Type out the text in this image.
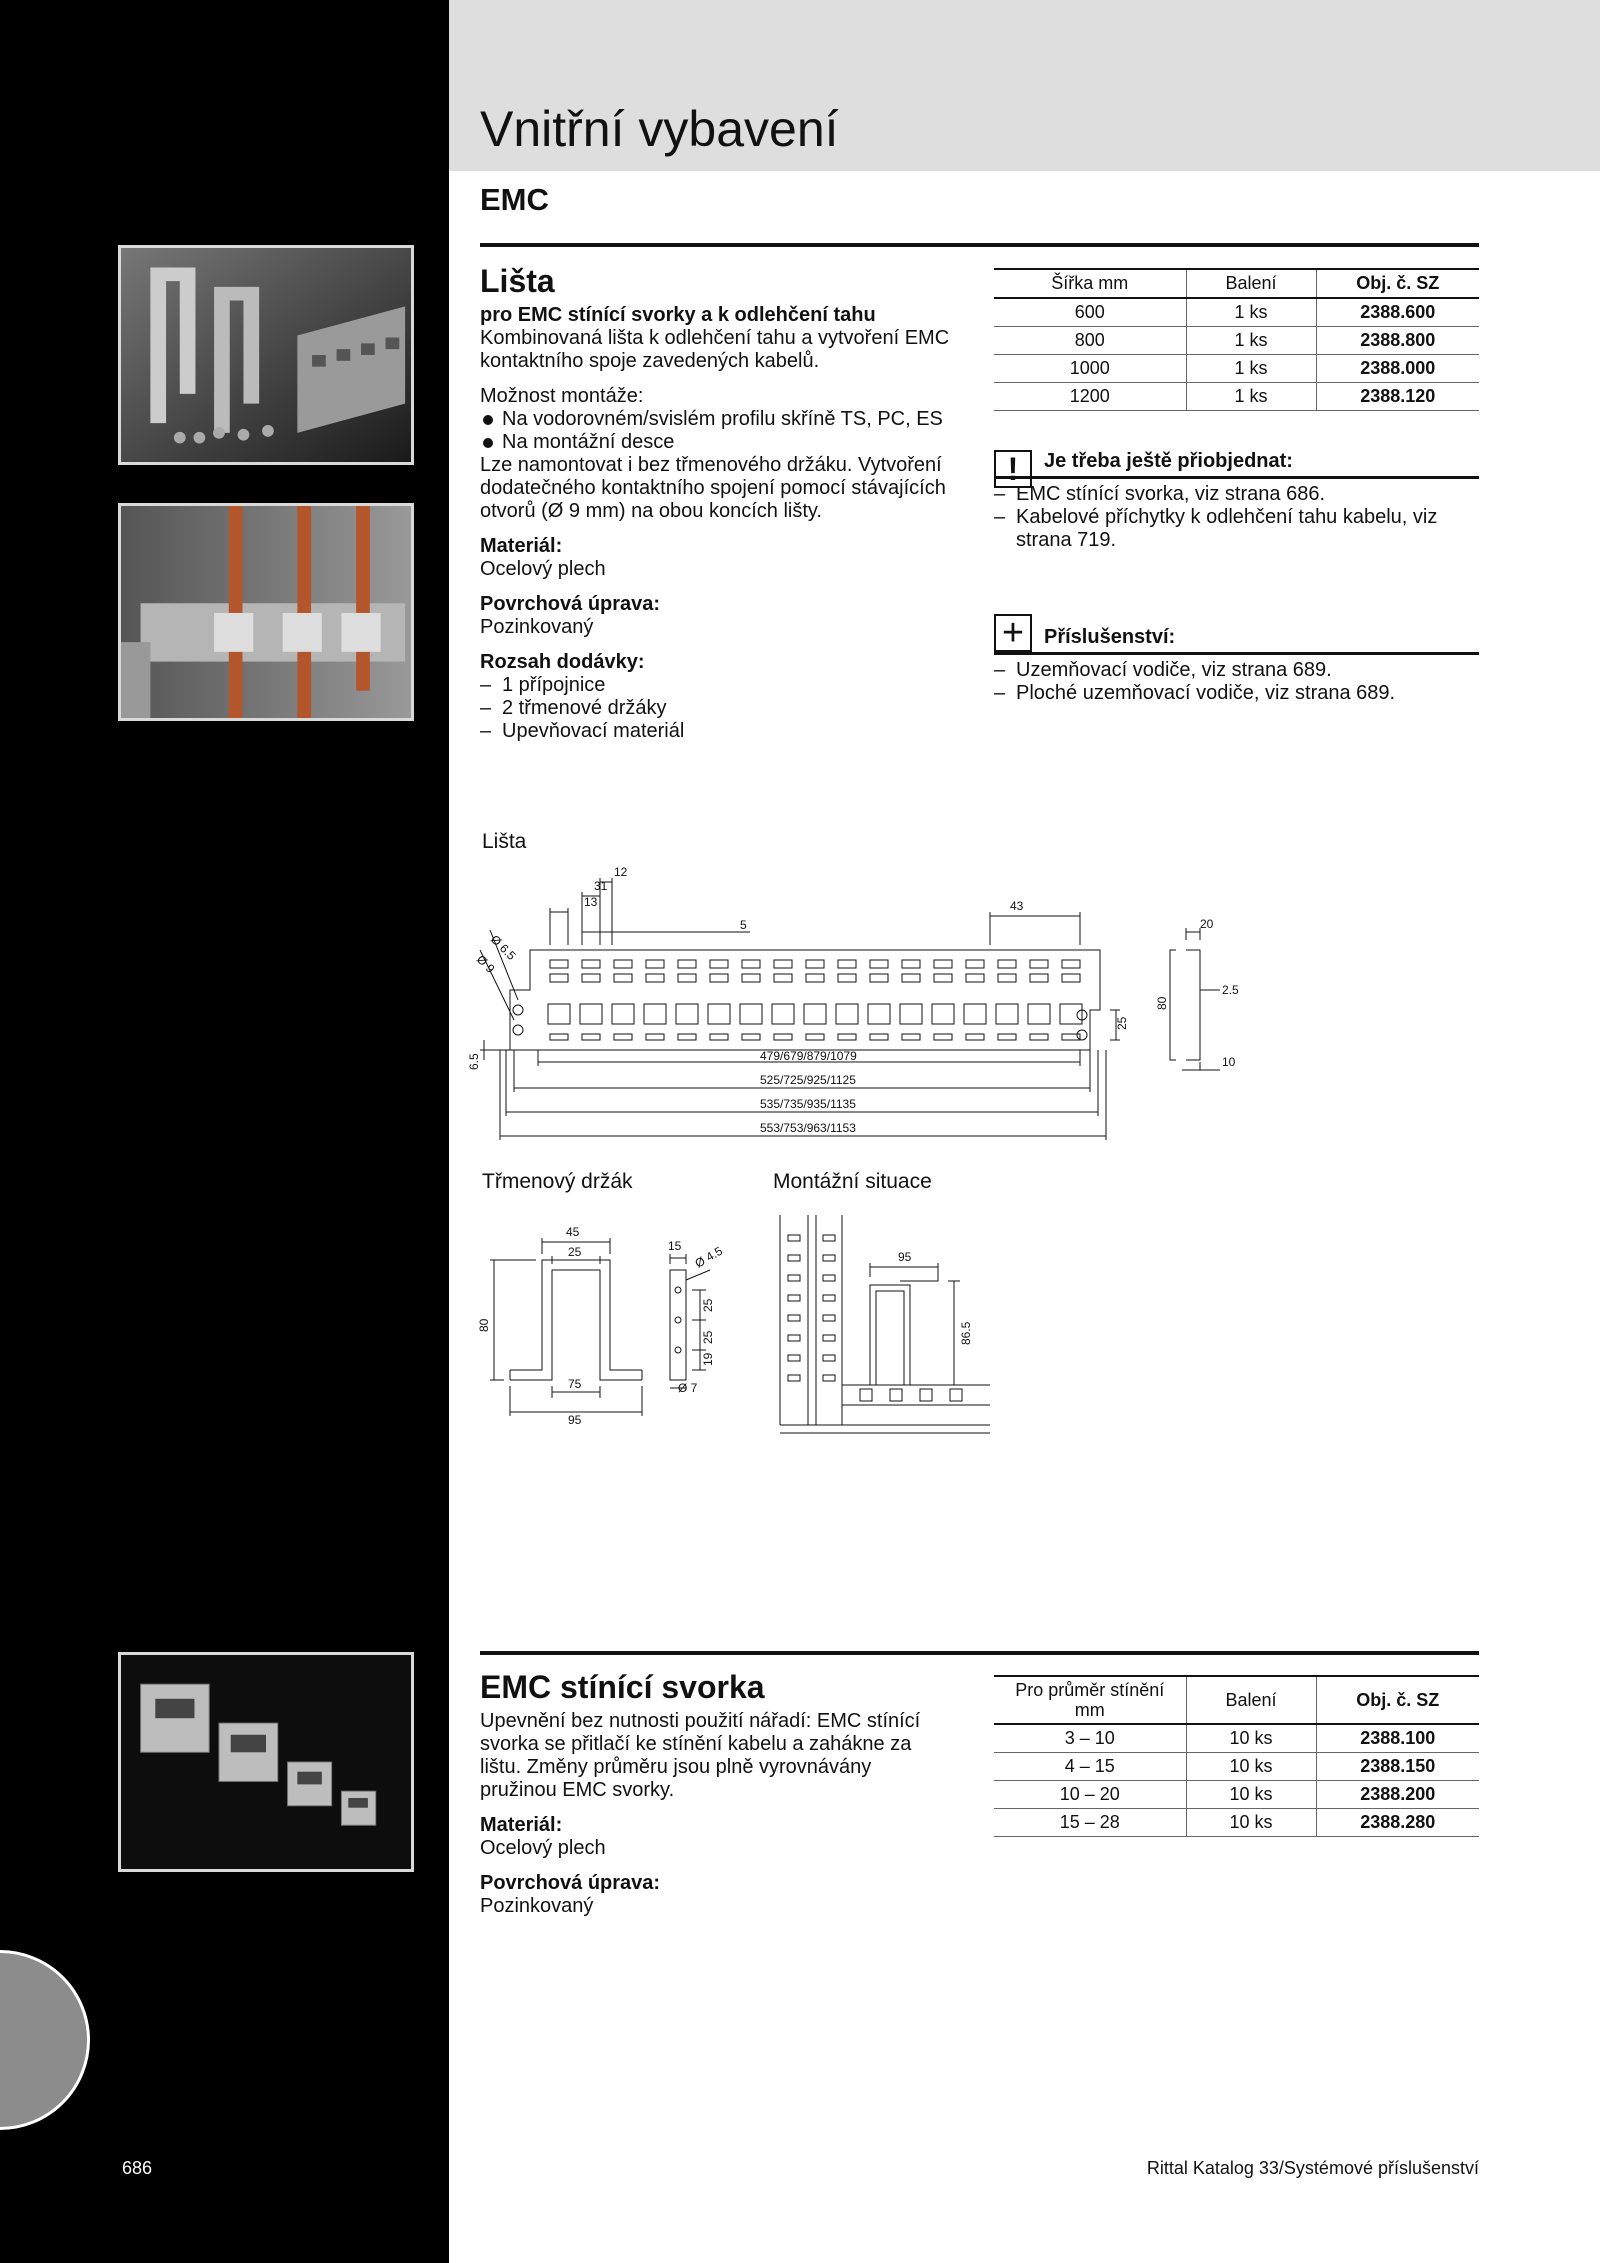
Vnitřní vybavení
EMC
Lišta
pro EMC stínící svorky a k odlehčení tahu
Kombinovaná lišta k odlehčení tahu a vytvoření EMC kontaktního spoje zavedených kabelů.
Možnost montáže:
Na vodorovném/svislém profilu skříně TS, PC, ES
Na montážní desce
Lze namontovat i bez třmenového držáku. Vytvoření dodatečného kontaktního spojení pomocí stávajících otvorů (Ø 9 mm) na obou koncích lišty.
Materiál:
Ocelový plech
Povrchová úprava:
Pozinkovaný
Rozsah dodávky:
– 1 přípojnice
– 2 třmenové držáky
– Upevňovací materiál
Šířka mm	Balení	Obj. č. SZ
600	1 ks	2388.600
800	1 ks	2388.800
1000	1 ks	2388.000
1200	1 ks	2388.120
!	Je třeba ještě přiobjednat:
– EMC stínící svorka, viz strana 686.
– Kabelové příchytky k odlehčení tahu kabelu, viz strana 719.
+ Příslušenství:
– Uzemňovací vodiče, viz strana 689.
– Ploché uzemňovací vodiče, viz strana 689.
Lišta
13
31
12
5
43
20
Ø 6.5
Ø 9
6.5
25
80
2.5
10
479/679/879/1079
525/725/925/1125
535/735/935/1135
553/753/963/1153
Třmenový držák
45
25
80
75
95
15 Ø 4.5
25
25
19
Ø 7
Montážní situace
95
86.5
EMC stínící svorka
Upevnění bez nutnosti použití nářadí: EMC stínící svorka se přitlačí ke stínění kabelu a zahákne za lištu. Změny průměru jsou plně vyrovnávány pružinou EMC svorky.
Materiál:
Ocelový plech
Povrchová úprava:
Pozinkovaný
Pro průměr stínění mm	Balení	Obj. č. SZ
3 – 10	10 ks	2388.100
4 – 15	10 ks	2388.150
10 – 20	10 ks	2388.200
15 – 28	10 ks	2388.280
686	Rittal Katalog 33/Systémové příslušenství
